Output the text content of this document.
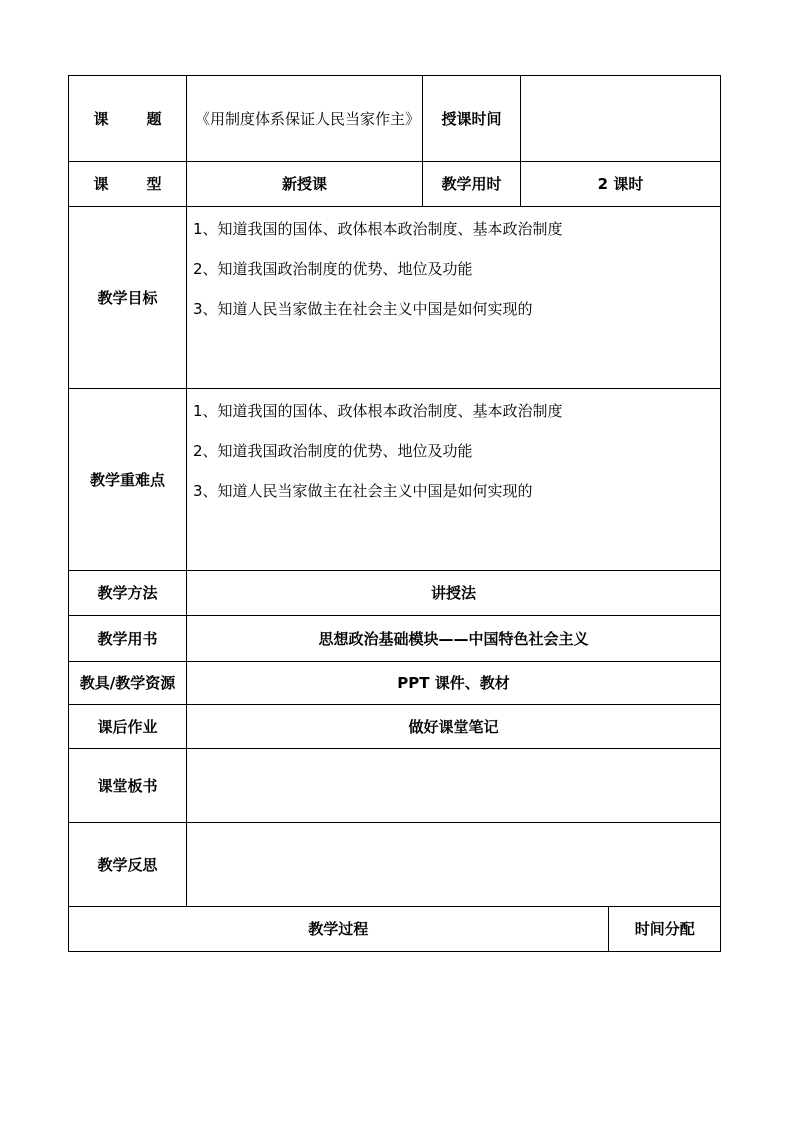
课	题	《用制度体系保证人民当家作主》	授课时间	
课	型	新授课	教学用时	2 课时
教学目标	
1、知道我国的国体、政体根本政治制度、基本政治制度
2、知道我国政治制度的优势、地位及功能
3、知道人民当家做主在社会主义中国是如何实现的

教学重难点	
1、知道我国的国体、政体根本政治制度、基本政治制度
2、知道我国政治制度的优势、地位及功能
3、知道人民当家做主在社会主义中国是如何实现的

教学方法	讲授法
教学用书	思想政治基础模块——中国特色社会主义
教具/教学资源	PPT 课件、教材
课后作业	做好课堂笔记
课堂板书	
教学反思	

教学过程	时间分配
